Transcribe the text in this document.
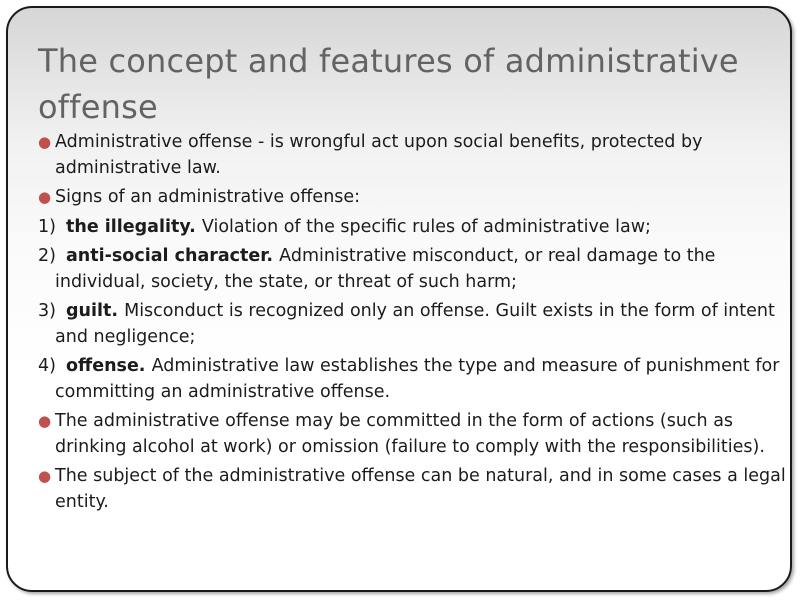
The concept and features of administrative offense

● Administrative offense - is wrongful act upon social benefits, protected by administrative law.

● Signs of an administrative offense:

1) the illegality. Violation of the specific rules of administrative law;

2) anti-social character. Administrative misconduct, or real damage to the individual, society, the state, or threat of such harm;

3) guilt. Misconduct is recognized only an offense. Guilt exists in the form of intent and negligence;

4) offense. Administrative law establishes the type and measure of punishment for committing an administrative offense.

● The administrative offense may be committed in the form of actions (such as drinking alcohol at work) or omission (failure to comply with the responsibilities).

● The subject of the administrative offense can be natural, and in some cases a legal entity.
